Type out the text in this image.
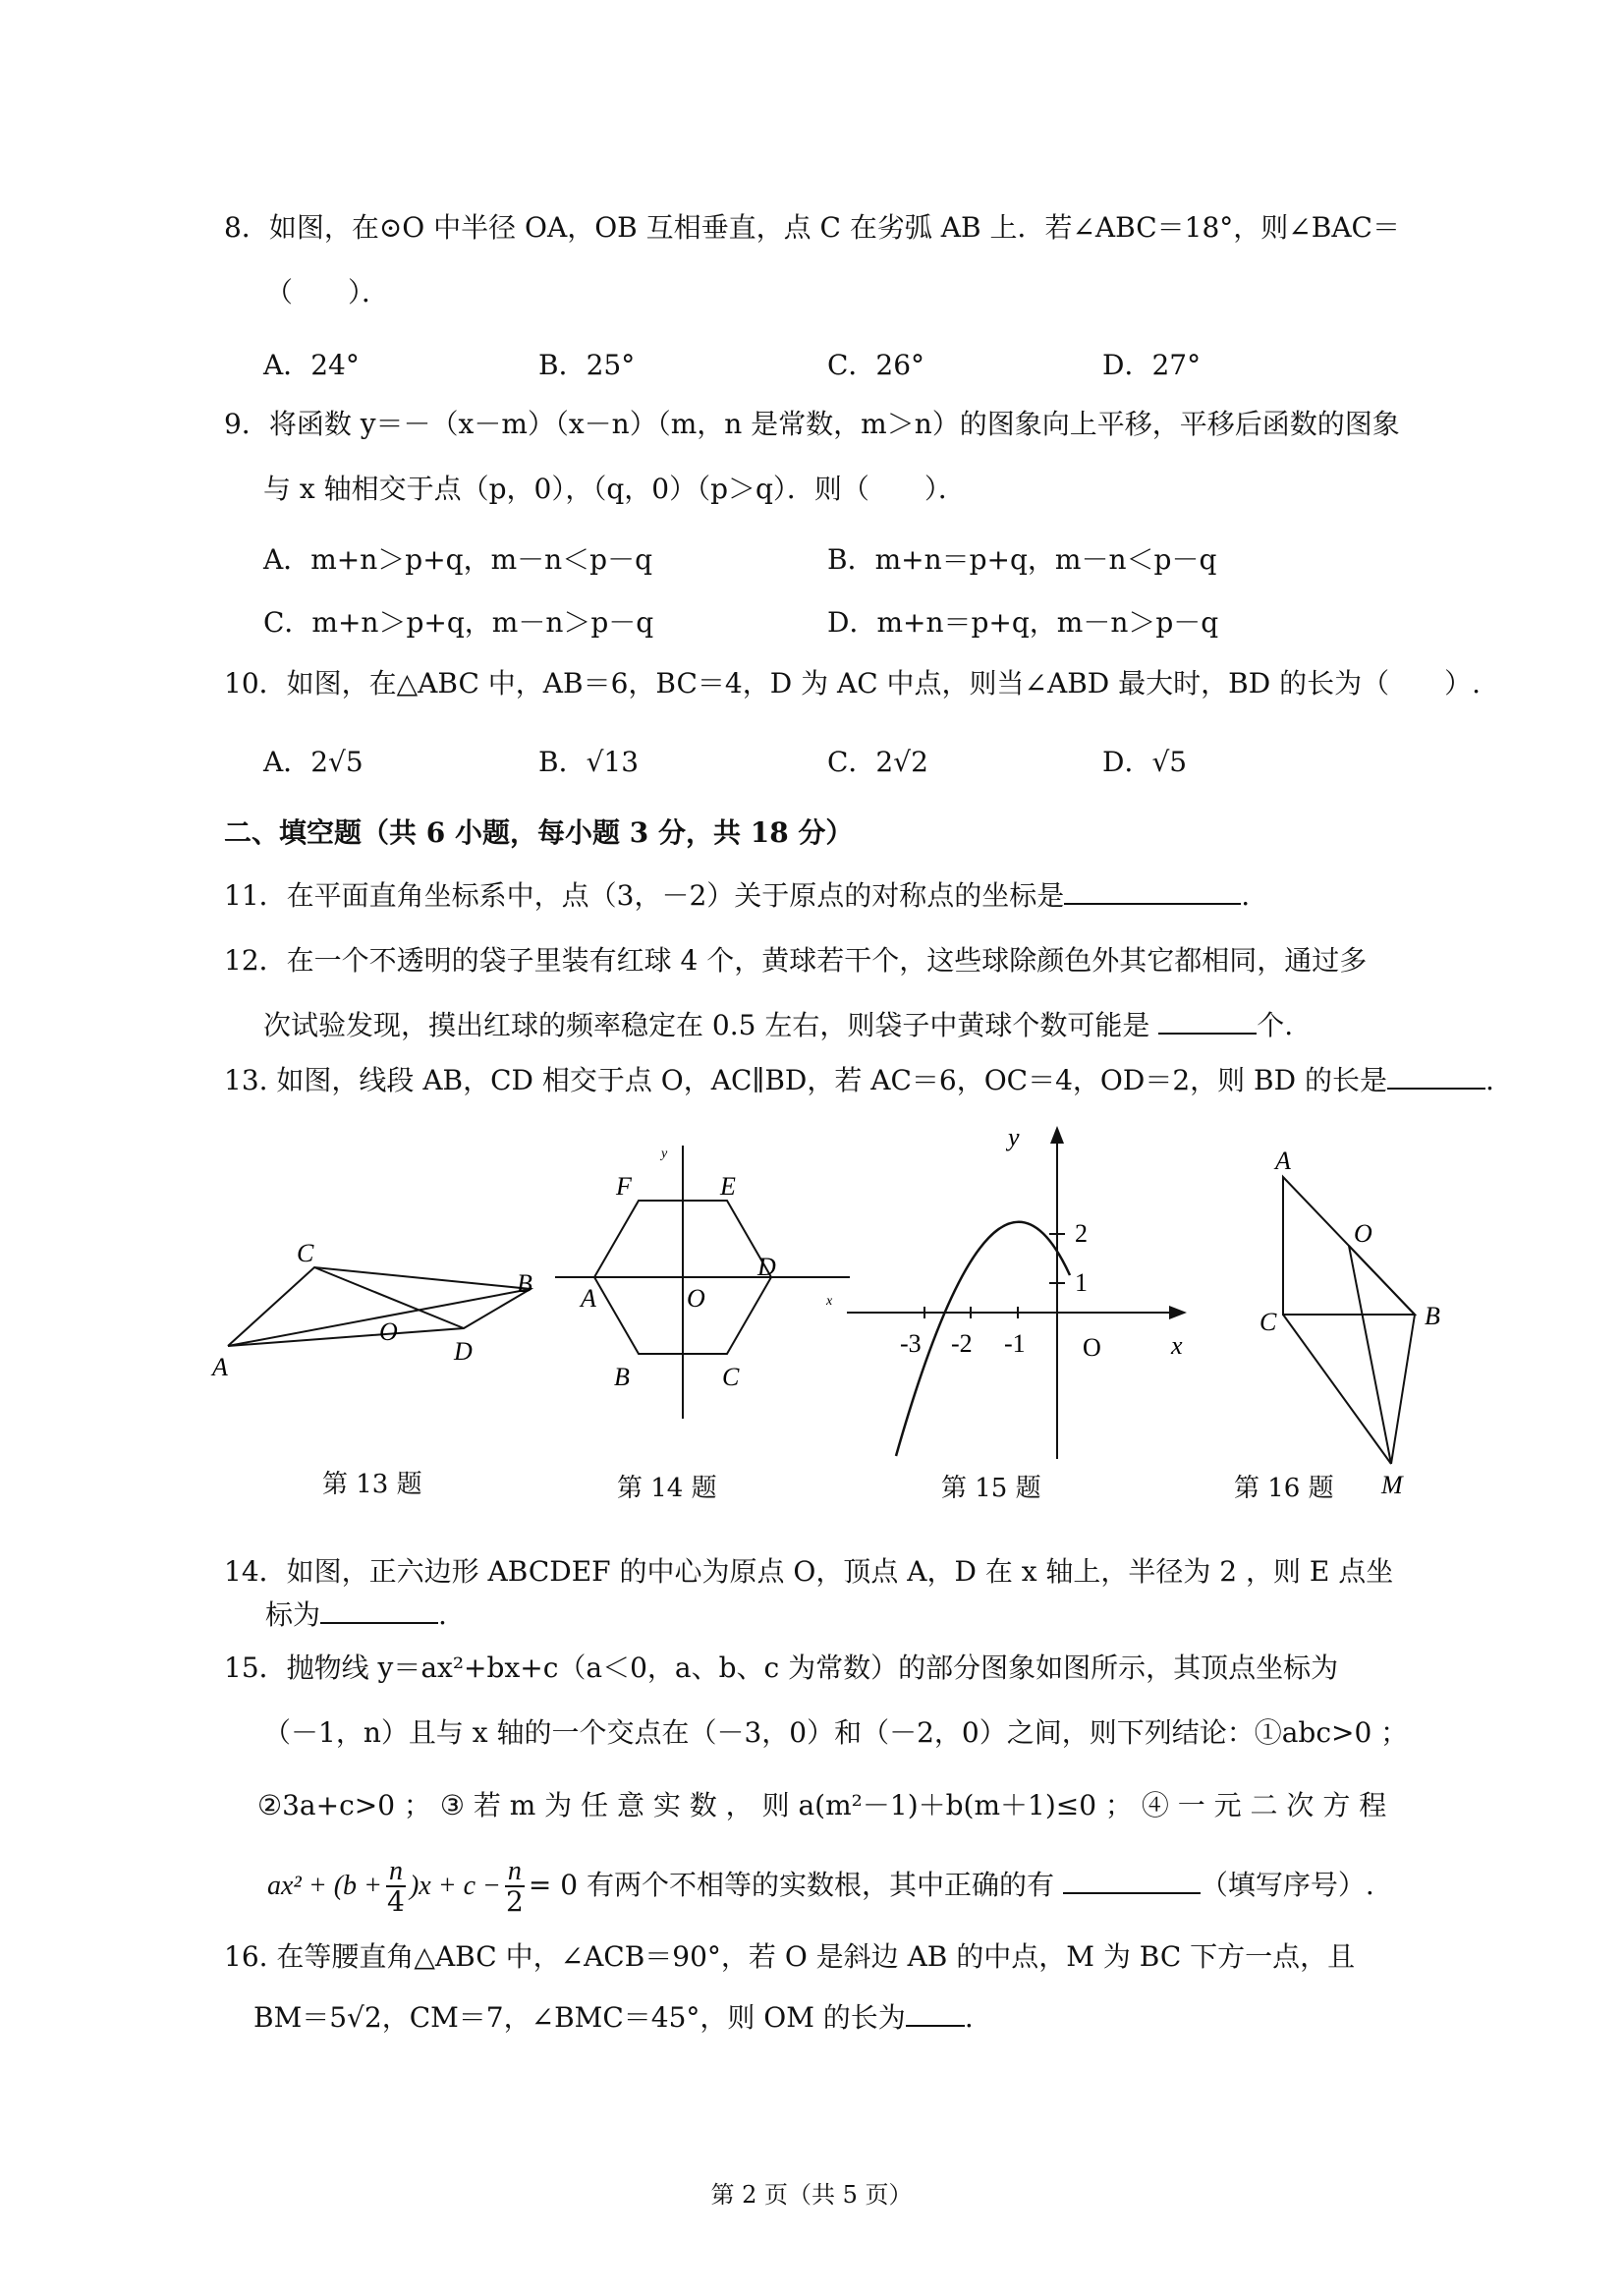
8．如图，在⊙O 中半径 OA，OB 互相垂直，点 C 在劣弧 AB 上．若∠ABC＝18°，则∠BAC＝
（　　）．
A．24°	B．25°	C．26°	D．27°
9．将函数 y＝－（x－m）（x－n）（m，n 是常数，m＞n）的图象向上平移，平移后函数的图象
与 x 轴相交于点（p，0），（q，0）（p＞q）．则（　　）．
A．m+n＞p+q，m－n＜p－q	B．m+n＝p+q，m－n＜p－q
C．m+n＞p+q，m－n＞p－q	D．m+n＝p+q，m－n＞p－q
10．如图，在△ABC 中，AB＝6，BC＝4，D 为 AC 中点，则当∠ABD 最大时，BD 的长为（　　）.
A．2√5	B．√13	C．2√2	D．√5
二、填空题（共 6 小题，每小题 3 分，共 18 分）
11．在平面直角坐标系中，点（3，－2）关于原点的对称点的坐标是	.
12．在一个不透明的袋子里装有红球 4 个，黄球若干个，这些球除颜色外其它都相同，通过多
次试验发现，摸出红球的频率稳定在 0.5 左右，则袋子中黄球个数可能是	个.
13. 如图，线段 AB，CD 相交于点 O，AC∥BD，若 AC＝6，OC＝4，OD＝2，则 BD 的长是	.
A
B
C
D
O
第 13 题
y
x
A
B	C
D
E
F
O
第 14 题
y
x
O
2
1
-3 -2 -1
第 15 题
A
O
C	B
M
第 16 题
14．如图，正六边形 ABCDEF 的中心为原点 O，顶点 A，D 在 x 轴上，半径为 2 ，则 E 点坐
标为	.
15．抛物线 y＝ax²+bx+c（a＜0，a、b、c 为常数）的部分图象如图所示，其顶点坐标为
（－1，n）且与 x 轴的一个交点在（－3，0）和（－2，0）之间，则下列结论：①abc>0 ；
②3a+c>0 ； ③ 若 m 为 任 意 实 数 ， 则 a(m²－1)＋b(m＋1)≤0 ； ④ 一 元 二 次 方 程
$ax^2 + (b + \frac{n}{4} )x + c - \frac{n}{2} = 0$ 有两个不相等的实数根，其中正确的有	（填写序号）.
16. 在等腰直角△ABC 中，∠ACB＝90°，若 O 是斜边 AB 的中点，M 为 BC 下方一点，且
BM＝5√2，CM＝7，∠BMC＝45°，则 OM 的长为 .
第 2 页（共 5 页）
